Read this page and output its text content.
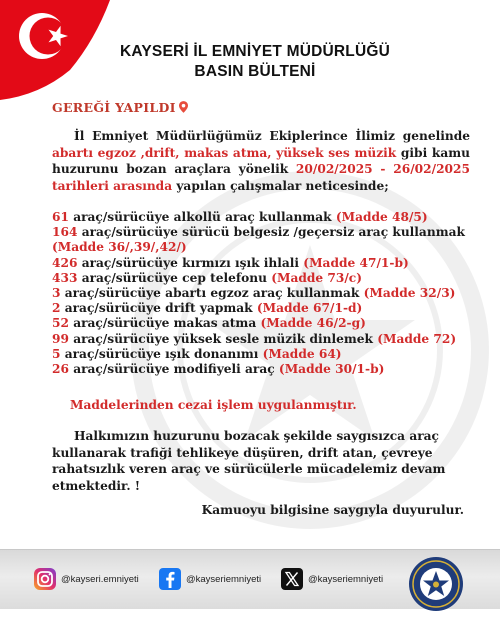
KAYSERİ İL EMNİYET MÜDÜRLÜĞÜ
BASIN BÜLTENİ
GEREĞİ YAPILDI

İl Emniyet Müdürlüğümüz Ekiplerince İlimiz genelinde abartı egzoz ,drift, makas atma, yüksek ses müzik gibi kamu huzurunu bozan araçlara yönelik 20/02/2025 - 26/02/2025 tarihleri arasında yapılan çalışmalar neticesinde;

61 araç/sürücüye alkollü araç kullanmak (Madde 48/5)
164 araç/sürücüye sürücü belgesiz /geçersiz araç kullanmak (Madde 36/,39/,42/)
426 araç/sürücüye kırmızı ışık ihlali (Madde 47/1-b)
433 araç/sürücüye cep telefonu (Madde 73/c)
3 araç/sürücüye abartı egzoz araç kullanmak (Madde 32/3)
2 araç/sürücüye drift yapmak (Madde 67/1-d)
52 araç/sürücüye makas atma (Madde 46/2-g)
99 araç/sürücüye yüksek sesle müzik dinlemek (Madde 72)
5 araç/sürücüye ışık donanımı (Madde 64)
26 araç/sürücüye modifiyeli araç (Madde 30/1-b)
Maddelerinden cezai işlem uygulanmıştır.

Halkımızın huzurunu bozacak şekilde saygısızca araç kullanarak trafiği tehlikeye düşüren, drift atan, çevreye rahatsızlık veren araç ve sürücülerle mücadelemiz devam etmektedir. !

Kamuoyu bilgisine saygıyla duyurulur.
@kayseri.emniyeti	@kayseriemniyeti	@kayseriemniyeti
